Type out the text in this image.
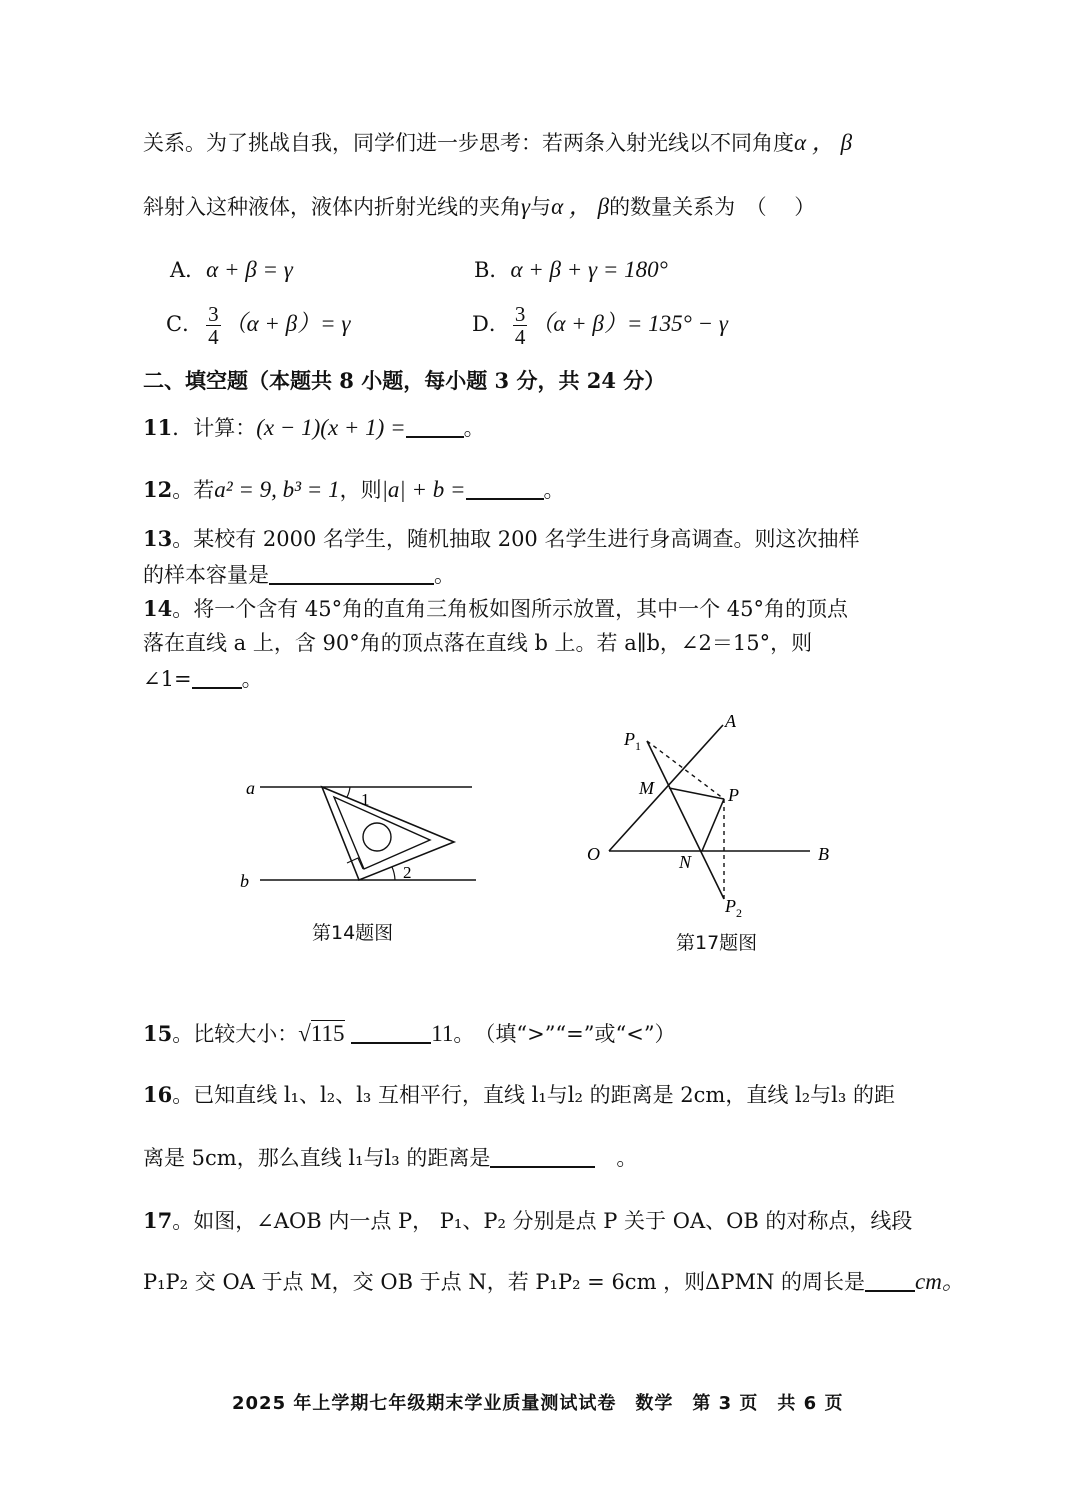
关系。为了挑战自我，同学们进一步思考：若两条入射光线以不同角度α ， β
斜射入这种液体，液体内折射光线的夹角γ与α ， β的数量关系为　（　 ）
A．α + β = γ	B．α + β + γ = 180°
C． $\frac{3}{4} (\alpha + \beta)= \gamma$	D． $\frac{3}{4} (\alpha + \beta)= 135^\circ - \gamma$
二、填空题（本题共 8 小题，每小题 3 分，共 24 分）
11．计算：(x − 1)(x + 1) =	。
12。若a² = 9, b³ = 1，则|a| + b =	。
13。某校有 2000 名学生，随机抽取 200 名学生进行身高调查。则这次抽样
的样本容量是	。
14。将一个含有 45°角的直角三角板如图所示放置，其中一个 45°角的顶点
落在直线 a 上，含 90°角的顶点落在直线 b 上。若 a∥b，∠2＝15°，则
∠1= 。
a
b
1
2
第14题图
$P_1$
A
M	P
O	N	B
$P_2$
第17题图
15。比较大小：√115	11。　（填“>”“=”或“<”）
16。已知直线 l₁、l₂、l₃ 互相平行，直线 l₁与l₂ 的距离是 2cm，直线 l₂与l₃ 的距
离是 5cm，那么直线 l₁与l₃ 的距离是　	。
17。如图，∠AOB 内一点 P， P₁、P₂ 分别是点 P 关于 OA、OB 的对称点，线段
P₁P₂ 交 OA 于点 M，交 OB 于点 N，若 P₁P₂ = 6cm ，则ΔPMN 的周长是 cm。
2025 年上学期七年级期末学业质量测试试卷　数学　第 3 页　共 6 页
